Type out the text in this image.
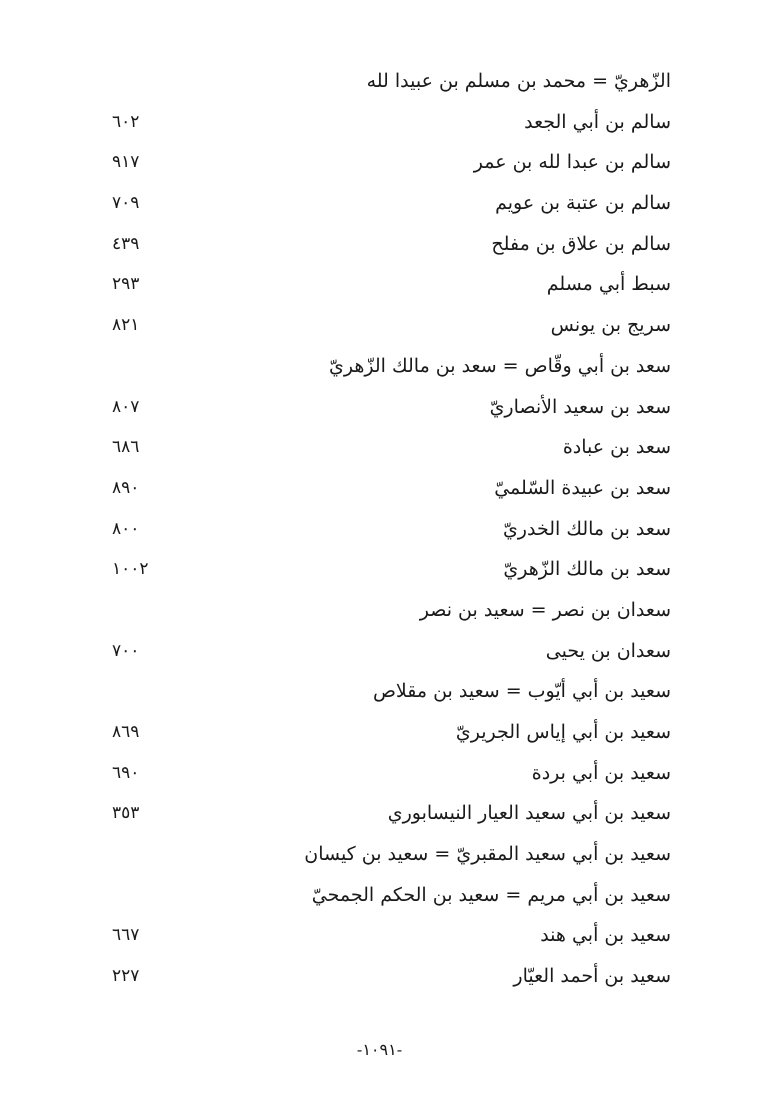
الزّهريّ = محمد بن مسلم بن عبيدا لله
سالم بن أبي الجعد
٦٠٢
سالم بن عبدا لله بن عمر
٩١٧
سالم بن عتبة بن عويم
٧٠٩
سالم بن علاق بن مفلح
٤٣٩
سبط أبي مسلم
٢٩٣
سريج بن يونس
٨٢١
سعد بن أبي وقّاص = سعد بن مالك الزّهريّ
سعد بن سعيد الأنصاريّ
٨٠٧
سعد بن عبادة
٦٨٦
سعد بن عبيدة السّلميّ
٨٩٠
سعد بن مالك الخدريّ
٨٠٠
سعد بن مالك الزّهريّ
١٠٠٢
سعدان بن نصر = سعيد بن نصر
سعدان بن يحيى
٧٠٠
سعيد بن أبي أيّوب = سعيد بن مقلاص
سعيد بن أبي إياس الجريريّ
٨٦٩
سعيد بن أبي بردة
٦٩٠
سعيد بن أبي سعيد العيار النيسابوري
٣٥٣
سعيد بن أبي سعيد المقبريّ = سعيد بن كيسان
سعيد بن أبي مريم = سعيد بن الحكم الجمحيّ
سعيد بن أبي هند
٦٦٧
سعيد بن أحمد العيّار
٢٢٧
-١٠٩١-
